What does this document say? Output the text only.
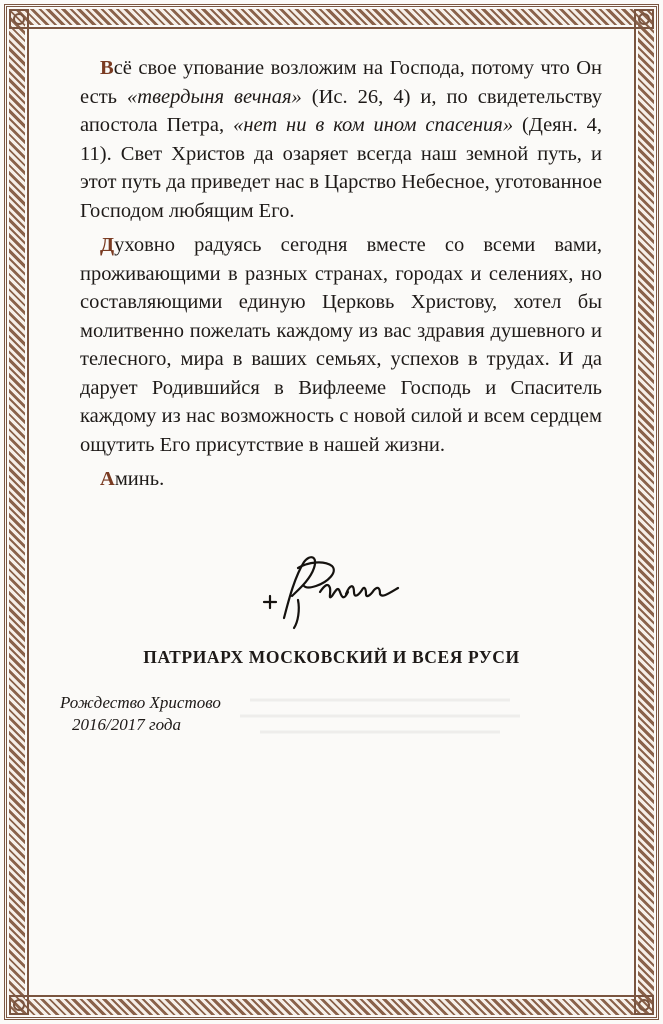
Всё свое упование возложим на Господа, потому что Он есть «твердыня вечная» (Ис. 26, 4) и, по свидетельству апостола Петра, «нет ни в ком ином спасения» (Деян. 4, 11). Свет Христов да озаряет всегда наш земной путь, и этот путь да приведет нас в Царство Небесное, уготованное Господом любящим Его.

Духовно радуясь сегодня вместе со всеми вами, проживающими в разных странах, городах и селениях, но составляющими единую Церковь Христову, хотел бы молитвенно пожелать каждому из вас здравия душевного и телесного, мира в ваших семьях, успехов в трудах. И да дарует Родившийся в Вифлееме Господь и Спаситель каждому из нас возможность с новой силой и всем сердцем ощутить Его присутствие в нашей жизни.

Аминь.

ПАТРИАРХ МОСКОВСКИЙ И ВСЕЯ РУСИ
Рождество Христово
2016/2017 года
